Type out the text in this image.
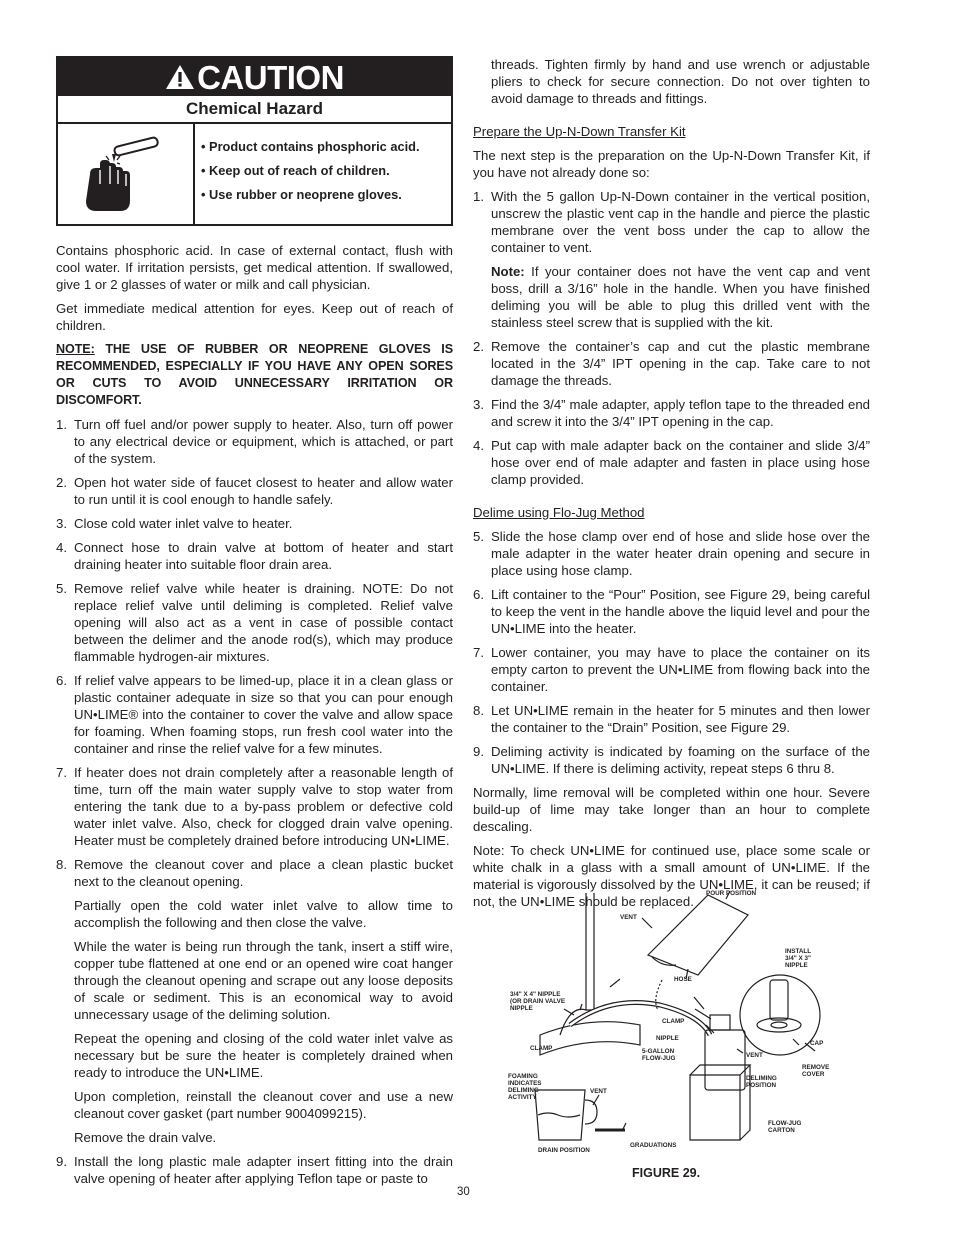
CAUTION
Chemical Hazard
• Product contains phosphoric acid.
• Keep out of reach of children.
• Use rubber or neoprene gloves.

Contains phosphoric acid. In case of external contact, flush with cool water. If irritation persists, get medical attention. If swallowed, give 1 or 2 glasses of water or milk and call physician.

Get immediate medical attention for eyes. Keep out of reach of children.

NOTE: THE USE OF RUBBER OR NEOPRENE GLOVES IS RECOMMENDED, ESPECIALLY IF YOU HAVE ANY OPEN SORES OR CUTS TO AVOID UNNECESSARY IRRITATION OR DISCOMFORT.
1. Turn off fuel and/or power supply to heater. Also, turn off power to any electrical device or equipment, which is attached, or part of the system.
2. Open hot water side of faucet closest to heater and allow water to run until it is cool enough to handle safely.
3. Close cold water inlet valve to heater.
4. Connect hose to drain valve at bottom of heater and start draining heater into suitable floor drain area.
5. Remove relief valve while heater is draining. NOTE: Do not replace relief valve until deliming is completed. Relief valve opening will also act as a vent in case of possible contact between the delimer and the anode rod(s), which may produce flammable hydrogen-air mixtures.
6. If relief valve appears to be limed-up, place it in a clean glass or plastic container adequate in size so that you can pour enough UN•LIME® into the container to cover the valve and allow space for foaming. When foaming stops, run fresh cool water into the container and rinse the relief valve for a few minutes.
7. If heater does not drain completely after a reasonable length of time, turn off the main water supply valve to stop water from entering the tank due to a by-pass problem or defective cold water inlet valve. Also, check for clogged drain valve opening. Heater must be completely drained before introducing UN•LIME.
8. Remove the cleanout cover and place a clean plastic bucket next to the cleanout opening.

Partially open the cold water inlet valve to allow time to accomplish the following and then close the valve.

While the water is being run through the tank, insert a stiff wire, copper tube flattened at one end or an opened wire coat hanger through the cleanout opening and scrape out any loose deposits of scale or sediment. This is an economical way to avoid unnecessary usage of the deliming solution.

Repeat the opening and closing of the cold water inlet valve as necessary but be sure the heater is completely drained when ready to introduce the UN•LIME.

Upon completion, reinstall the cleanout cover and use a new cleanout cover gasket (part number 9004099215).

Remove the drain valve.

9. Install the long plastic male adapter insert fitting into the drain valve opening of heater after applying Teflon tape or paste to

threads. Tighten firmly by hand and use wrench or adjustable pliers to check for secure connection. Do not over tighten to avoid damage to threads and fittings.

Prepare the Up-N-Down Transfer Kit

The next step is the preparation on the Up-N-Down Transfer Kit, if you have not already done so:

1. With the 5 gallon Up-N-Down container in the vertical position, unscrew the plastic vent cap in the handle and pierce the plastic membrane over the vent boss under the cap to allow the container to vent.

Note: If your container does not have the vent cap and vent boss, drill a 3/16” hole in the handle. When you have finished deliming you will be able to plug this drilled vent with the stainless steel screw that is supplied with the kit.

2. Remove the container’s cap and cut the plastic membrane located in the 3/4” IPT opening in the cap. Take care to not damage the threads.
3. Find the 3/4” male adapter, apply teflon tape to the threaded end and screw it into the 3/4” IPT opening in the cap.
4. Put cap with male adapter back on the container and slide 3/4” hose over end of male adapter and fasten in place using hose clamp provided.
Delime using Flo-Jug Method
5. Slide the hose clamp over end of hose and slide hose over the male adapter in the water heater drain opening and secure in place using hose clamp.
6. Lift container to the “Pour” Position, see Figure 29, being careful to keep the vent in the handle above the liquid level and pour the UN•LIME into the heater.
7. Lower container, you may have to place the container on its empty carton to prevent the UN•LIME from flowing back into the container.
8. Let UN•LIME remain in the heater for 5 minutes and then lower the container to the “Drain” Position, see Figure 29.
9. Deliming activity is indicated by foaming on the surface of the UN•LIME. If there is deliming activity, repeat steps 6 thru 8.

Normally, lime removal will be completed within one hour. Severe build-up of lime may take longer than an hour to complete descaling.

Note: To check UN•LIME for continued use, place some scale or white chalk in a glass with a small amount of UN•LIME. If the material is vigorously dissolved by the UN•LIME, it can be reused; if not, the UN•LIME should be replaced.

POUR POSITION
VENT
INSTALL
3/4" X 3"
NIPPLE
HOSE
3/4" X 4" NIPPLE
(OR DRAIN VALVE
NIPPLE
CLAMP
NIPPLE
CAP
CLAMP	5-GALLON
FLOW-JUG	VENT
REMOVE
COVER
FOAMING
INDICATES
DELIMING
ACTIVITY
VENT
DELIMING
POSITION
FLOW-JUG
CARTON
GRADUATIONS
DRAIN POSITION
FIGURE 29.
30
